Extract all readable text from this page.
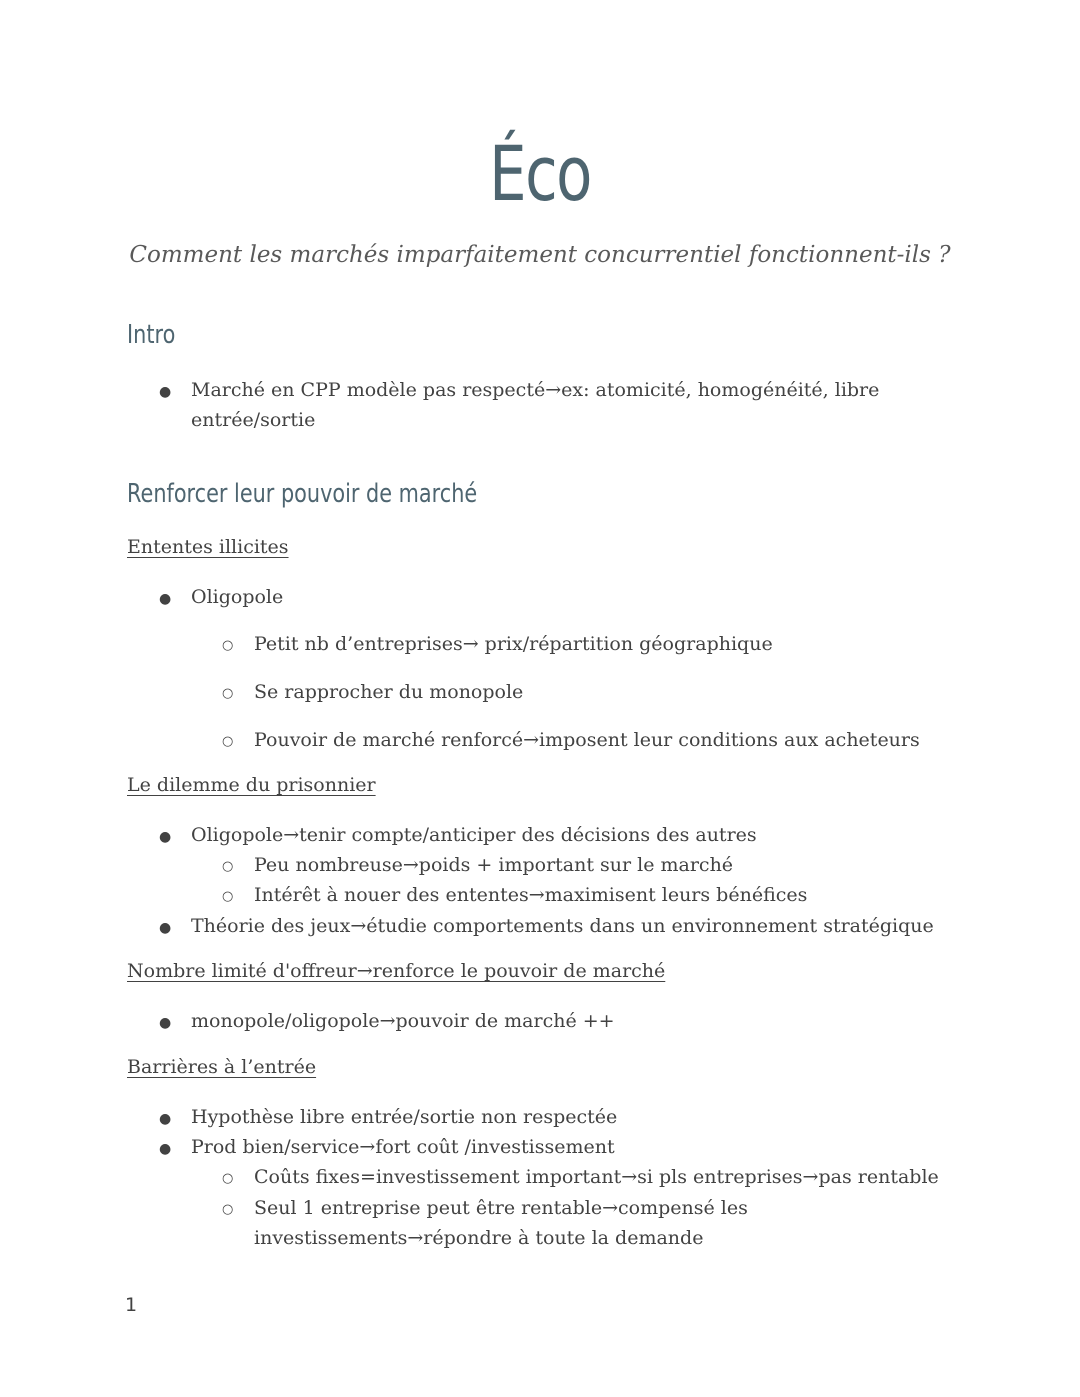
Éco
Comment les marchés imparfaitement concurrentiel fonctionnent-ils ?
Intro
● Marché en CPP modèle pas respecté→ex: atomicité, homogénéité, libre
entrée/sortie
Renforcer leur pouvoir de marché
Ententes illicites
● Oligopole
○ Petit nb d’entreprises→ prix/répartition géographique
○ Se rapprocher du monopole
○ Pouvoir de marché renforcé→imposent leur conditions aux acheteurs
Le dilemme du prisonnier
● Oligopole→tenir compte/anticiper des décisions des autres
○ Peu nombreuse→poids + important sur le marché
○ Intérêt à nouer des ententes→maximisent leurs bénéfices
● Théorie des jeux→étudie comportements dans un environnement stratégique
Nombre limité d'offreur→renforce le pouvoir de marché
● monopole/oligopole→pouvoir de marché ++
Barrières à l’entrée
● Hypothèse libre entrée/sortie non respectée
● Prod bien/service→fort coût /investissement
○ Coûts fixes=investissement important→si pls entreprises→pas rentable
○ Seul 1 entreprise peut être rentable→compensé les
investissements→répondre à toute la demande
1
